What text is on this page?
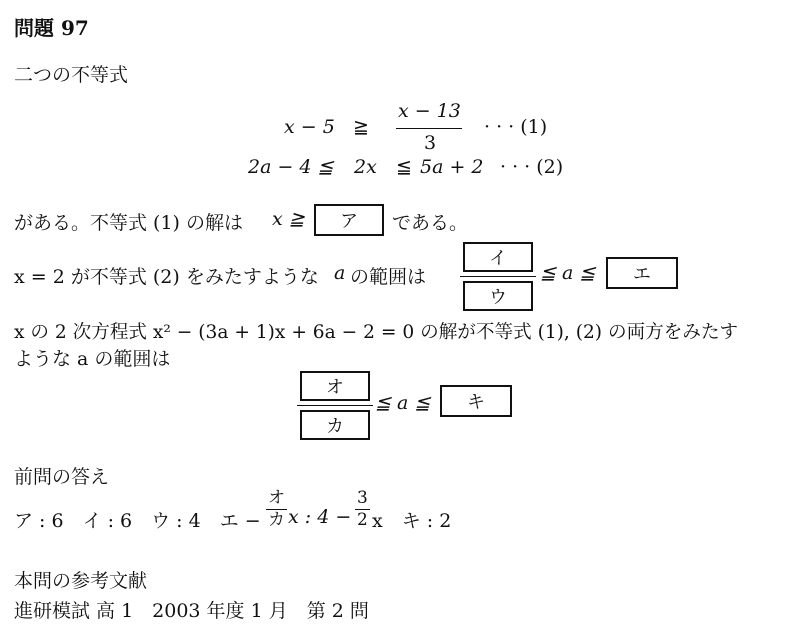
問題 97
二つの不等式
x − 5 ≧
x − 13
3
· · · (1)
2a − 4 ≦ 2x ≦ 5a + 2 · · · (2)
がある。不等式 (1) の解は x ≧	ア	である。
x = 2 が不等式 (2) をみたすような a の範囲は
イ
ウ
≦ a ≦	エ
x の 2 次方程式 x² − (3a + 1)x + 6a − 2 = 0 の解が不等式 (1), (2) の両方をみたす
ような a の範囲は
オ
カ
≦ a ≦	キ
前問の答え
ア : 6　イ : 6　ウ : 4　エ −
オ
カ x : $4 - \frac{3}{2}$ x　キ : 2
本問の参考文献
進研模試 高 1　2003 年度 1 月　第 2 問
